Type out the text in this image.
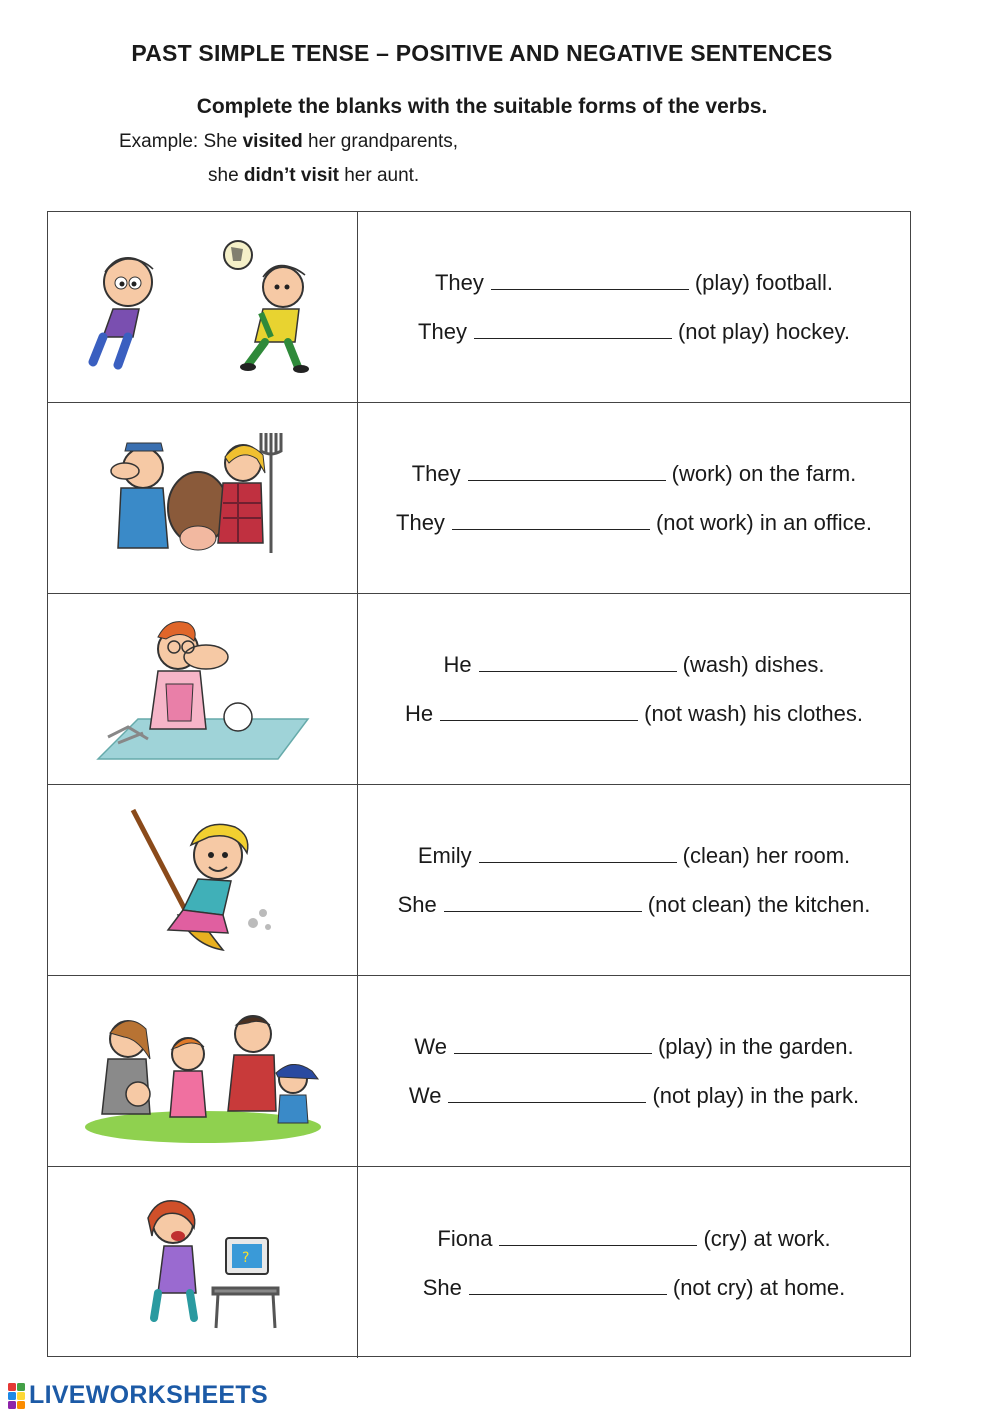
PAST SIMPLE TENSE – POSITIVE AND NEGATIVE SENTENCES
Complete the blanks with the suitable forms of the verbs.
Example: She visited her grandparents,
she didn’t visit her aunt.
They	(play) football.
They	(not play) hockey.
They	(work) on the farm.
They	(not work) in an office.
He	(wash) dishes.
He	(not wash) his clothes.
Emily	(clean) her room.
She	(not clean) the kitchen.
We	(play) in the garden.
We	(not play) in the park.
?
Fiona	(cry) at work.
She	(not cry) at home.
LIVEWORKSHEETS
